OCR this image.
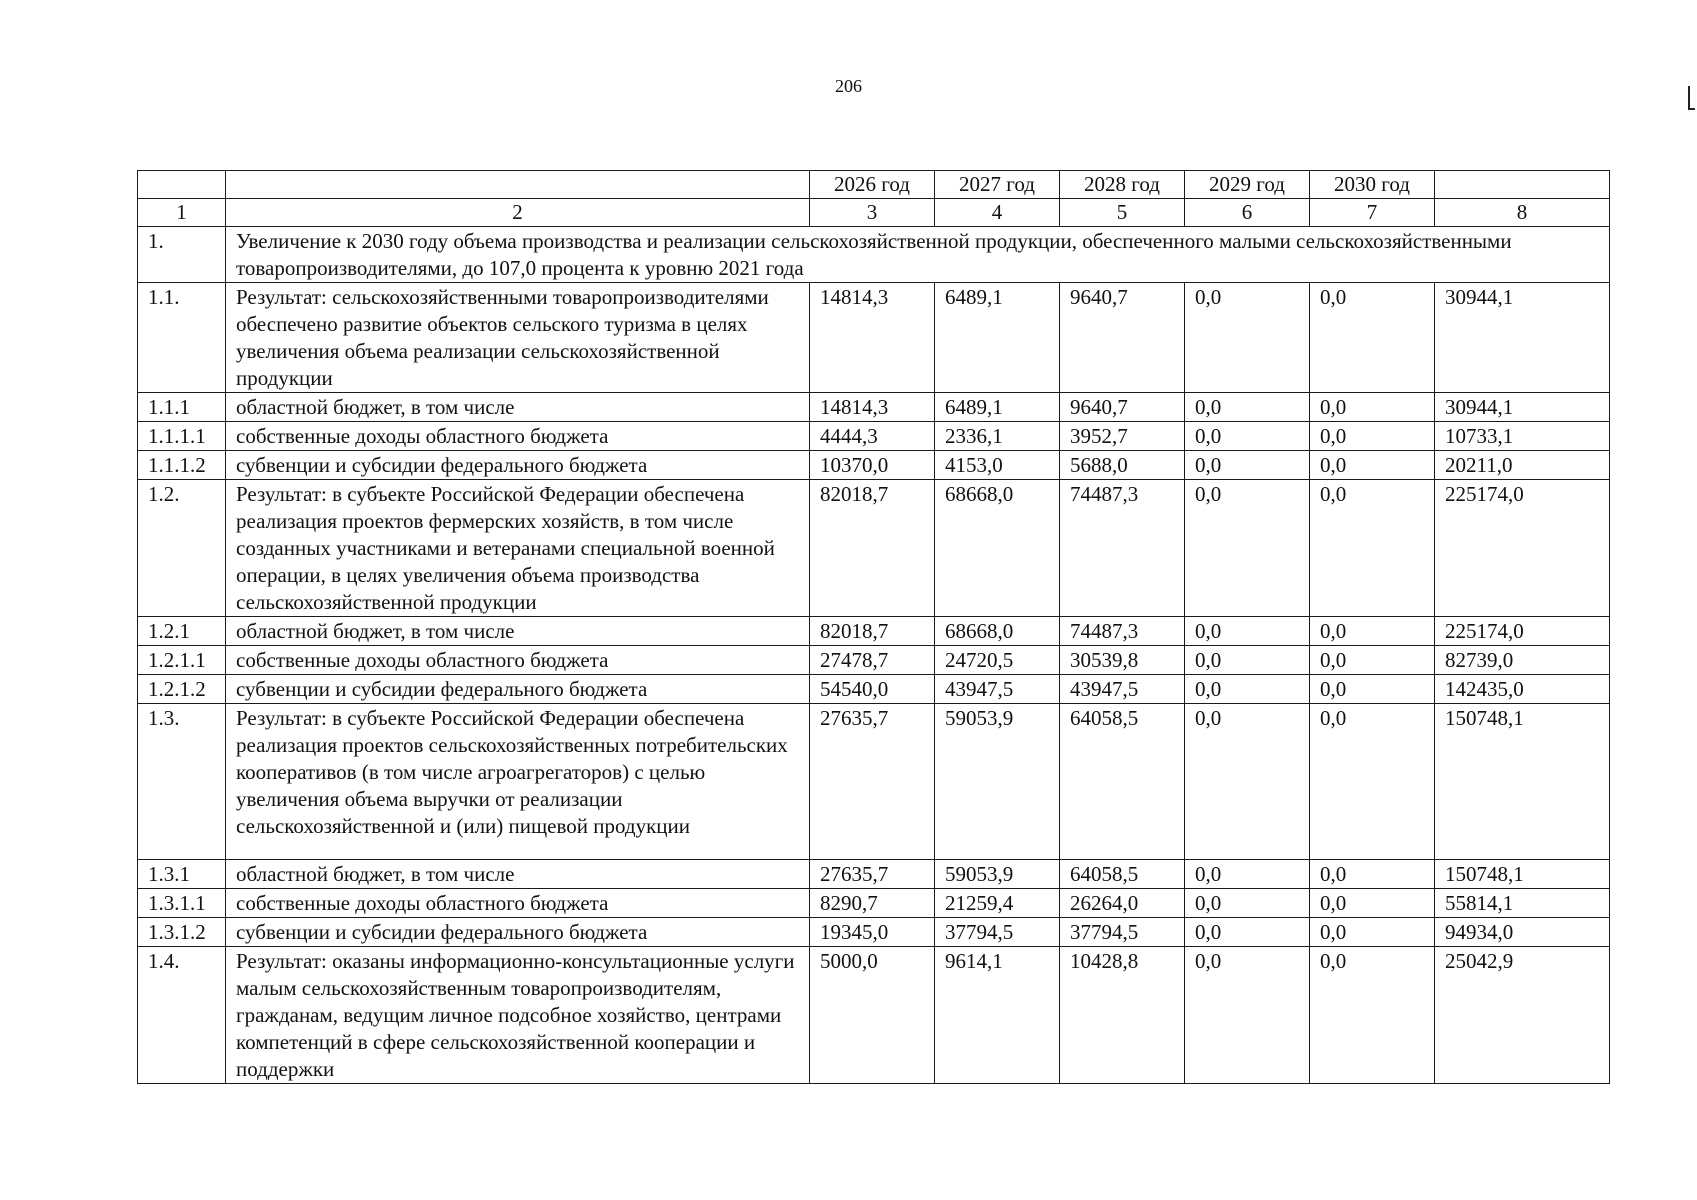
206
		2026 год	2027 год	2028 год	2029 год	2030 год	
1	2	3	4	5	6	7	8
1.	Увеличение к 2030 году объема производства и реализации сельскохозяйственной продукции, обеспеченного малыми сельскохозяйственными товаропроизводителями, до 107,0 процента к уровню 2021 года						
1.1.	Результат: сельскохозяйственными товаропроизводителями обеспечено развитие объектов сельского туризма в целях увеличения объема реализации сельскохозяйственной продукции	14814,3	6489,1	9640,7	0,0	0,0	30944,1
1.1.1	областной бюджет, в том числе	14814,3	6489,1	9640,7	0,0	0,0	30944,1
1.1.1.1	собственные доходы областного бюджета	4444,3	2336,1	3952,7	0,0	0,0	10733,1
1.1.1.2	субвенции и субсидии федерального бюджета	10370,0	4153,0	5688,0	0,0	0,0	20211,0
1.2.	Результат: в субъекте Российской Федерации обеспечена реализация проектов фермерских хозяйств, в том числе созданных участниками и ветеранами специальной военной операции, в целях увеличения объема производства сельскохозяйственной продукции	82018,7	68668,0	74487,3	0,0	0,0	225174,0
1.2.1	областной бюджет, в том числе	82018,7	68668,0	74487,3	0,0	0,0	225174,0
1.2.1.1	собственные доходы областного бюджета	27478,7	24720,5	30539,8	0,0	0,0	82739,0
1.2.1.2	субвенции и субсидии федерального бюджета	54540,0	43947,5	43947,5	0,0	0,0	142435,0
1.3.	Результат: в субъекте Российской Федерации обеспечена реализация проектов сельскохозяйственных потребительских кооперативов (в том числе агроагрегаторов) с целью увеличения объема выручки от реализации сельскохозяйственной и (или) пищевой продукции	27635,7	59053,9	64058,5	0,0	0,0	150748,1
1.3.1	областной бюджет, в том числе	27635,7	59053,9	64058,5	0,0	0,0	150748,1
1.3.1.1	собственные доходы областного бюджета	8290,7	21259,4	26264,0	0,0	0,0	55814,1
1.3.1.2	субвенции и субсидии федерального бюджета	19345,0	37794,5	37794,5	0,0	0,0	94934,0
1.4.	Результат: оказаны информационно-консультационные услуги малым сельскохозяйственным товаропроизводителям, гражданам, ведущим личное подсобное хозяйство, центрами компетенций в сфере сельскохозяйственной кооперации и поддержки	5000,0	9614,1	10428,8	0,0	0,0	25042,9
